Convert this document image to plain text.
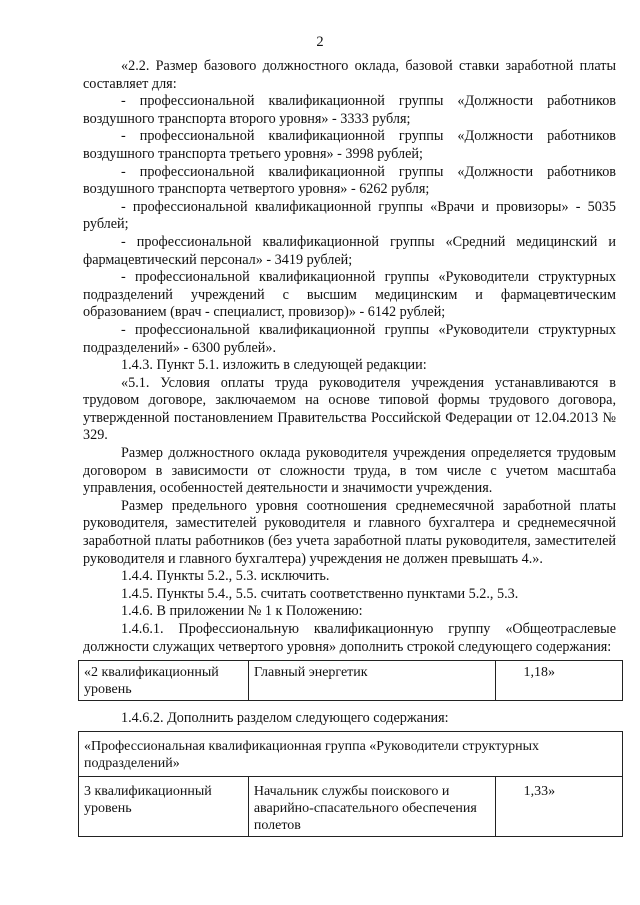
2

«2.2. Размер базового должностного оклада, базовой ставки заработной платы составляет для:

- профессиональной квалификационной группы «Должности работников воздушного транспорта второго уровня» - 3333 рубля;

- профессиональной квалификационной группы «Должности работников воздушного транспорта третьего уровня» - 3998 рублей;

- профессиональной квалификационной группы «Должности работников воздушного транспорта четвертого уровня» - 6262 рубля;

- профессиональной квалификационной группы «Врачи и провизоры» - 5035 рублей;

- профессиональной квалификационной группы «Средний медицинский и фармацевтический персонал» - 3419 рублей;

- профессиональной квалификационной группы «Руководители структурных подразделений учреждений с высшим медицинским и фармацевтическим образованием (врач - специалист, провизор)» - 6142 рублей;

- профессиональной квалификационной группы «Руководители структурных подразделений» - 6300 рублей».

1.4.3. Пункт 5.1. изложить в следующей редакции:

«5.1. Условия оплаты труда руководителя учреждения устанавливаются в трудовом договоре, заключаемом на основе типовой формы трудового договора, утвержденной постановлением Правительства Российской Федерации от 12.04.2013 № 329.

Размер должностного оклада руководителя учреждения определяется трудовым договором в зависимости от сложности труда, в том числе с учетом масштаба управления, особенностей деятельности и значимости учреждения.

Размер предельного уровня соотношения среднемесячной заработной платы руководителя, заместителей руководителя и главного бухгалтера и среднемесячной заработной платы работников (без учета заработной платы руководителя, заместителей руководителя и главного бухгалтера) учреждения не должен превышать 4.».

1.4.4. Пункты 5.2., 5.3. исключить.

1.4.5. Пункты 5.4., 5.5. считать соответственно пунктами 5.2., 5.3.

1.4.6. В приложении № 1 к Положению:

1.4.6.1. Профессиональную квалификационную группу «Общеотраслевые должности служащих четвертого уровня» дополнить строкой следующего содержания:

«2 квалификационный уровень	Главный энергетик	1,18»

1.4.6.2. Дополнить разделом следующего содержания:

«Профессиональная квалификационная группа «Руководители структурных подразделений»
3 квалификационный уровень	Начальник службы поискового и аварийно-спасательного обеспечения полетов	1,33»
